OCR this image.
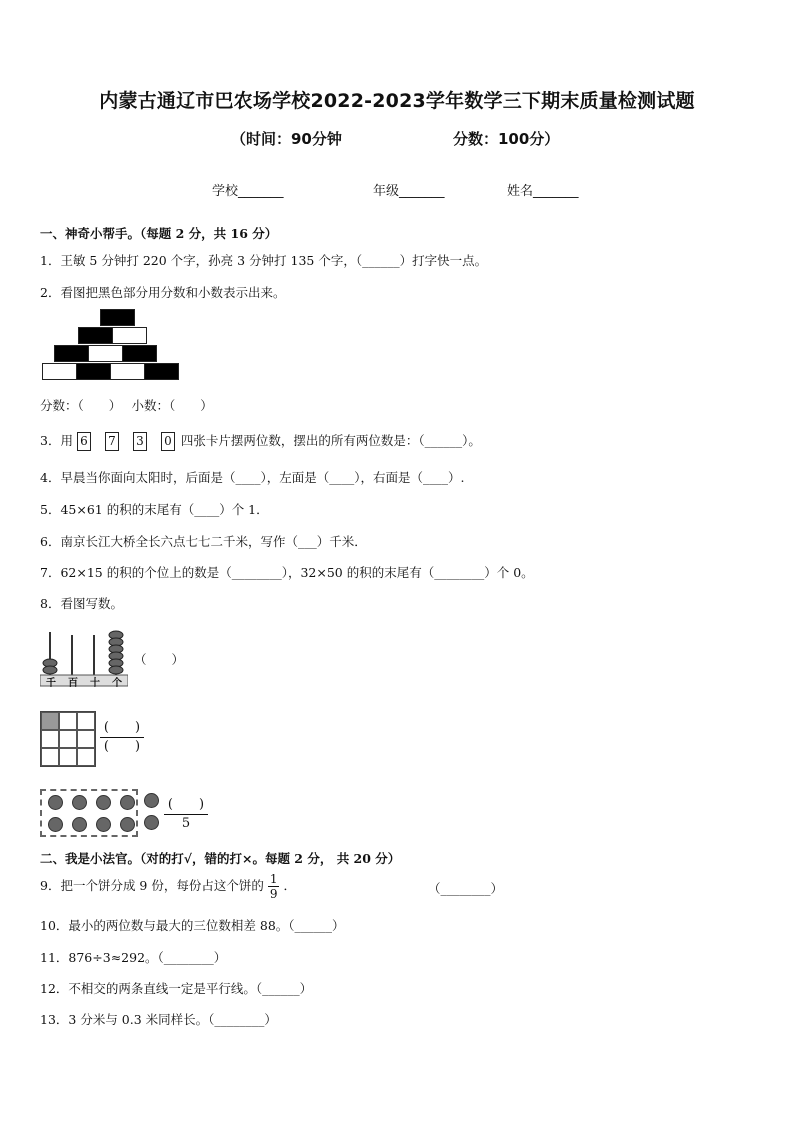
内蒙古通辽市巴农场学校2022-2023学年数学三下期末质量检测试题
（时间：90分钟	分数：100分）
学校_______	年级_______	姓名_______
一、神奇小帮手。（每题 2 分，共 16 分）
1．王敏 5 分钟打 220 个字，孙亮 3 分钟打 135 个字，（______）打字快一点。
2．看图把黑色部分用分数和小数表示出来。
分数：（　　）　 小数：（　　）
3．用 6 7 3 0 四张卡片摆两位数，摆出的所有两位数是：（______）。
4．早晨当你面向太阳时，后面是（____），左面是（____），右面是（____）.
5．45×61 的积的末尾有（____）个 1．
6．南京长江大桥全长六点七七二千米，写作（___）千米．
7．62×15 的积的个位上的数是（________），32×50 的积的末尾有（________）个 0。
8．看图写数。
千	百	十	个
（　　）
(　　)
(　　)
(　　)
5
二、我是小法官。（对的打√，错的打×。每题 2 分， 共 20 分）
9．把一个饼分成 9 份，每份占这个饼的 $\frac{1}{9}$ ．	（________）
10．最小的两位数与最大的三位数相差 88。（______）
11．876÷3≈292。（________）
12．不相交的两条直线一定是平行线。（______）
13．3 分米与 0.3 米同样长。（________）
